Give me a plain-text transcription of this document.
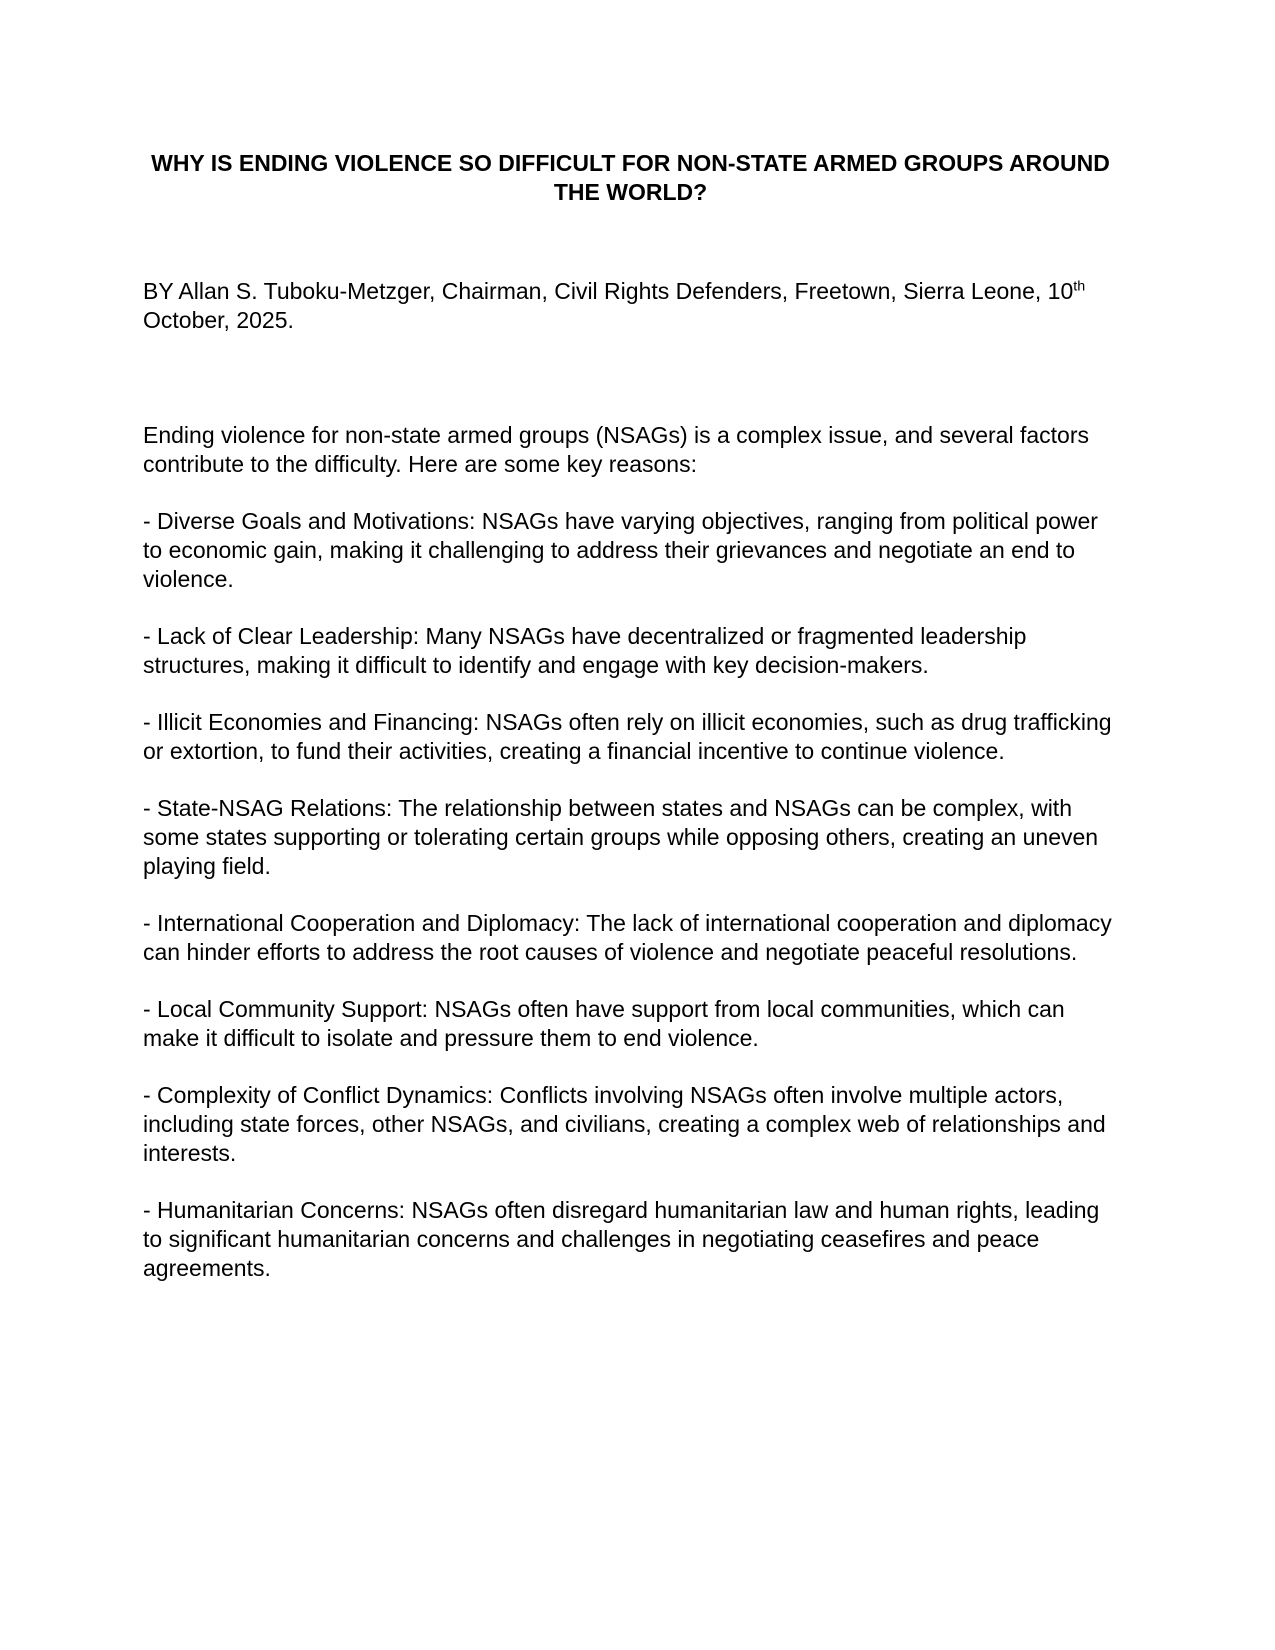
WHY IS ENDING VIOLENCE SO DIFFICULT FOR NON-STATE ARMED GROUPS AROUND THE WORLD?

BY Allan S. Tuboku-Metzger, Chairman, Civil Rights Defenders, Freetown, Sierra Leone, 10th October, 2025.

Ending violence for non-state armed groups (NSAGs) is a complex issue, and several factors contribute to the difficulty. Here are some key reasons:

- Diverse Goals and Motivations: NSAGs have varying objectives, ranging from political power to economic gain, making it challenging to address their grievances and negotiate an end to violence.

- Lack of Clear Leadership: Many NSAGs have decentralized or fragmented leadership structures, making it difficult to identify and engage with key decision-makers.

- Illicit Economies and Financing: NSAGs often rely on illicit economies, such as drug trafficking or extortion, to fund their activities, creating a financial incentive to continue violence.

- State-NSAG Relations: The relationship between states and NSAGs can be complex, with some states supporting or tolerating certain groups while opposing others, creating an uneven playing field.

- International Cooperation and Diplomacy: The lack of international cooperation and diplomacy can hinder efforts to address the root causes of violence and negotiate peaceful resolutions.

- Local Community Support: NSAGs often have support from local communities, which can make it difficult to isolate and pressure them to end violence.

- Complexity of Conflict Dynamics: Conflicts involving NSAGs often involve multiple actors, including state forces, other NSAGs, and civilians, creating a complex web of relationships and interests.

- Humanitarian Concerns: NSAGs often disregard humanitarian law and human rights, leading to significant humanitarian concerns and challenges in negotiating ceasefires and peace agreements.
